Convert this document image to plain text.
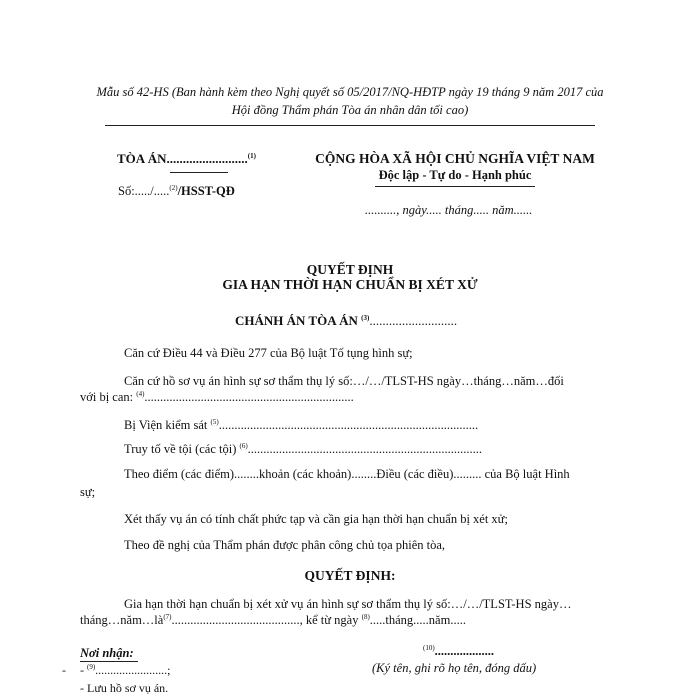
Mẫu số 42-HS (Ban hành kèm theo Nghị quyết số 05/2017/NQ-HĐTP ngày 19 tháng 9 năm 2017 của
Hội đồng Thẩm phán Tòa án nhân dân tối cao)
TÒA ÁN.........................$^{(1)}$
Số:...../.....$^{(2)}$/HSST-QĐ
CỘNG HÒA XÃ HỘI CHỦ NGHĨA VIỆT NAM
Độc lập - Tự do - Hạnh phúc
.........., ngày..... tháng..... năm......
QUYẾT ĐỊNH
GIA HẠN THỜI HẠN CHUẨN BỊ XÉT XỬ
CHÁNH ÁN TÒA ÁN $^{(3)}$...........................
Căn cứ Điều 44 và Điều 277 của Bộ luật Tố tụng hình sự;
Căn cứ hồ sơ vụ án hình sự sơ thẩm thụ lý số:…/…/TLST-HS ngày…tháng…năm…đối
với bị can: $^{(4)}$...................................................................
Bị Viện kiểm sát $^{(5)}$...................................................................................
Truy tố về tội (các tội) $^{(6)}$...........................................................................
Theo điểm (các điểm)........khoản (các khoản)........Điều (các điều)......... của Bộ luật Hình
sự;
Xét thấy vụ án có tính chất phức tạp và cần gia hạn thời hạn chuẩn bị xét xử;
Theo đề nghị của Thẩm phán được phân công chủ tọa phiên tòa,
QUYẾT ĐỊNH:
Gia hạn thời hạn chuẩn bị xét xử vụ án hình sự sơ thẩm thụ lý số:…/…/TLST-HS ngày…
$tháng\dots năm\dots là^{(7)}$........................................., kể từ ngày $^{(8)}$.....tháng.....năm.....
Nơi nhận:
- - $^{(9)}$........................;
- Lưu hồ sơ vụ án.
$^{(10)}$...................
(Ký tên, ghi rõ họ tên, đóng dấu)
